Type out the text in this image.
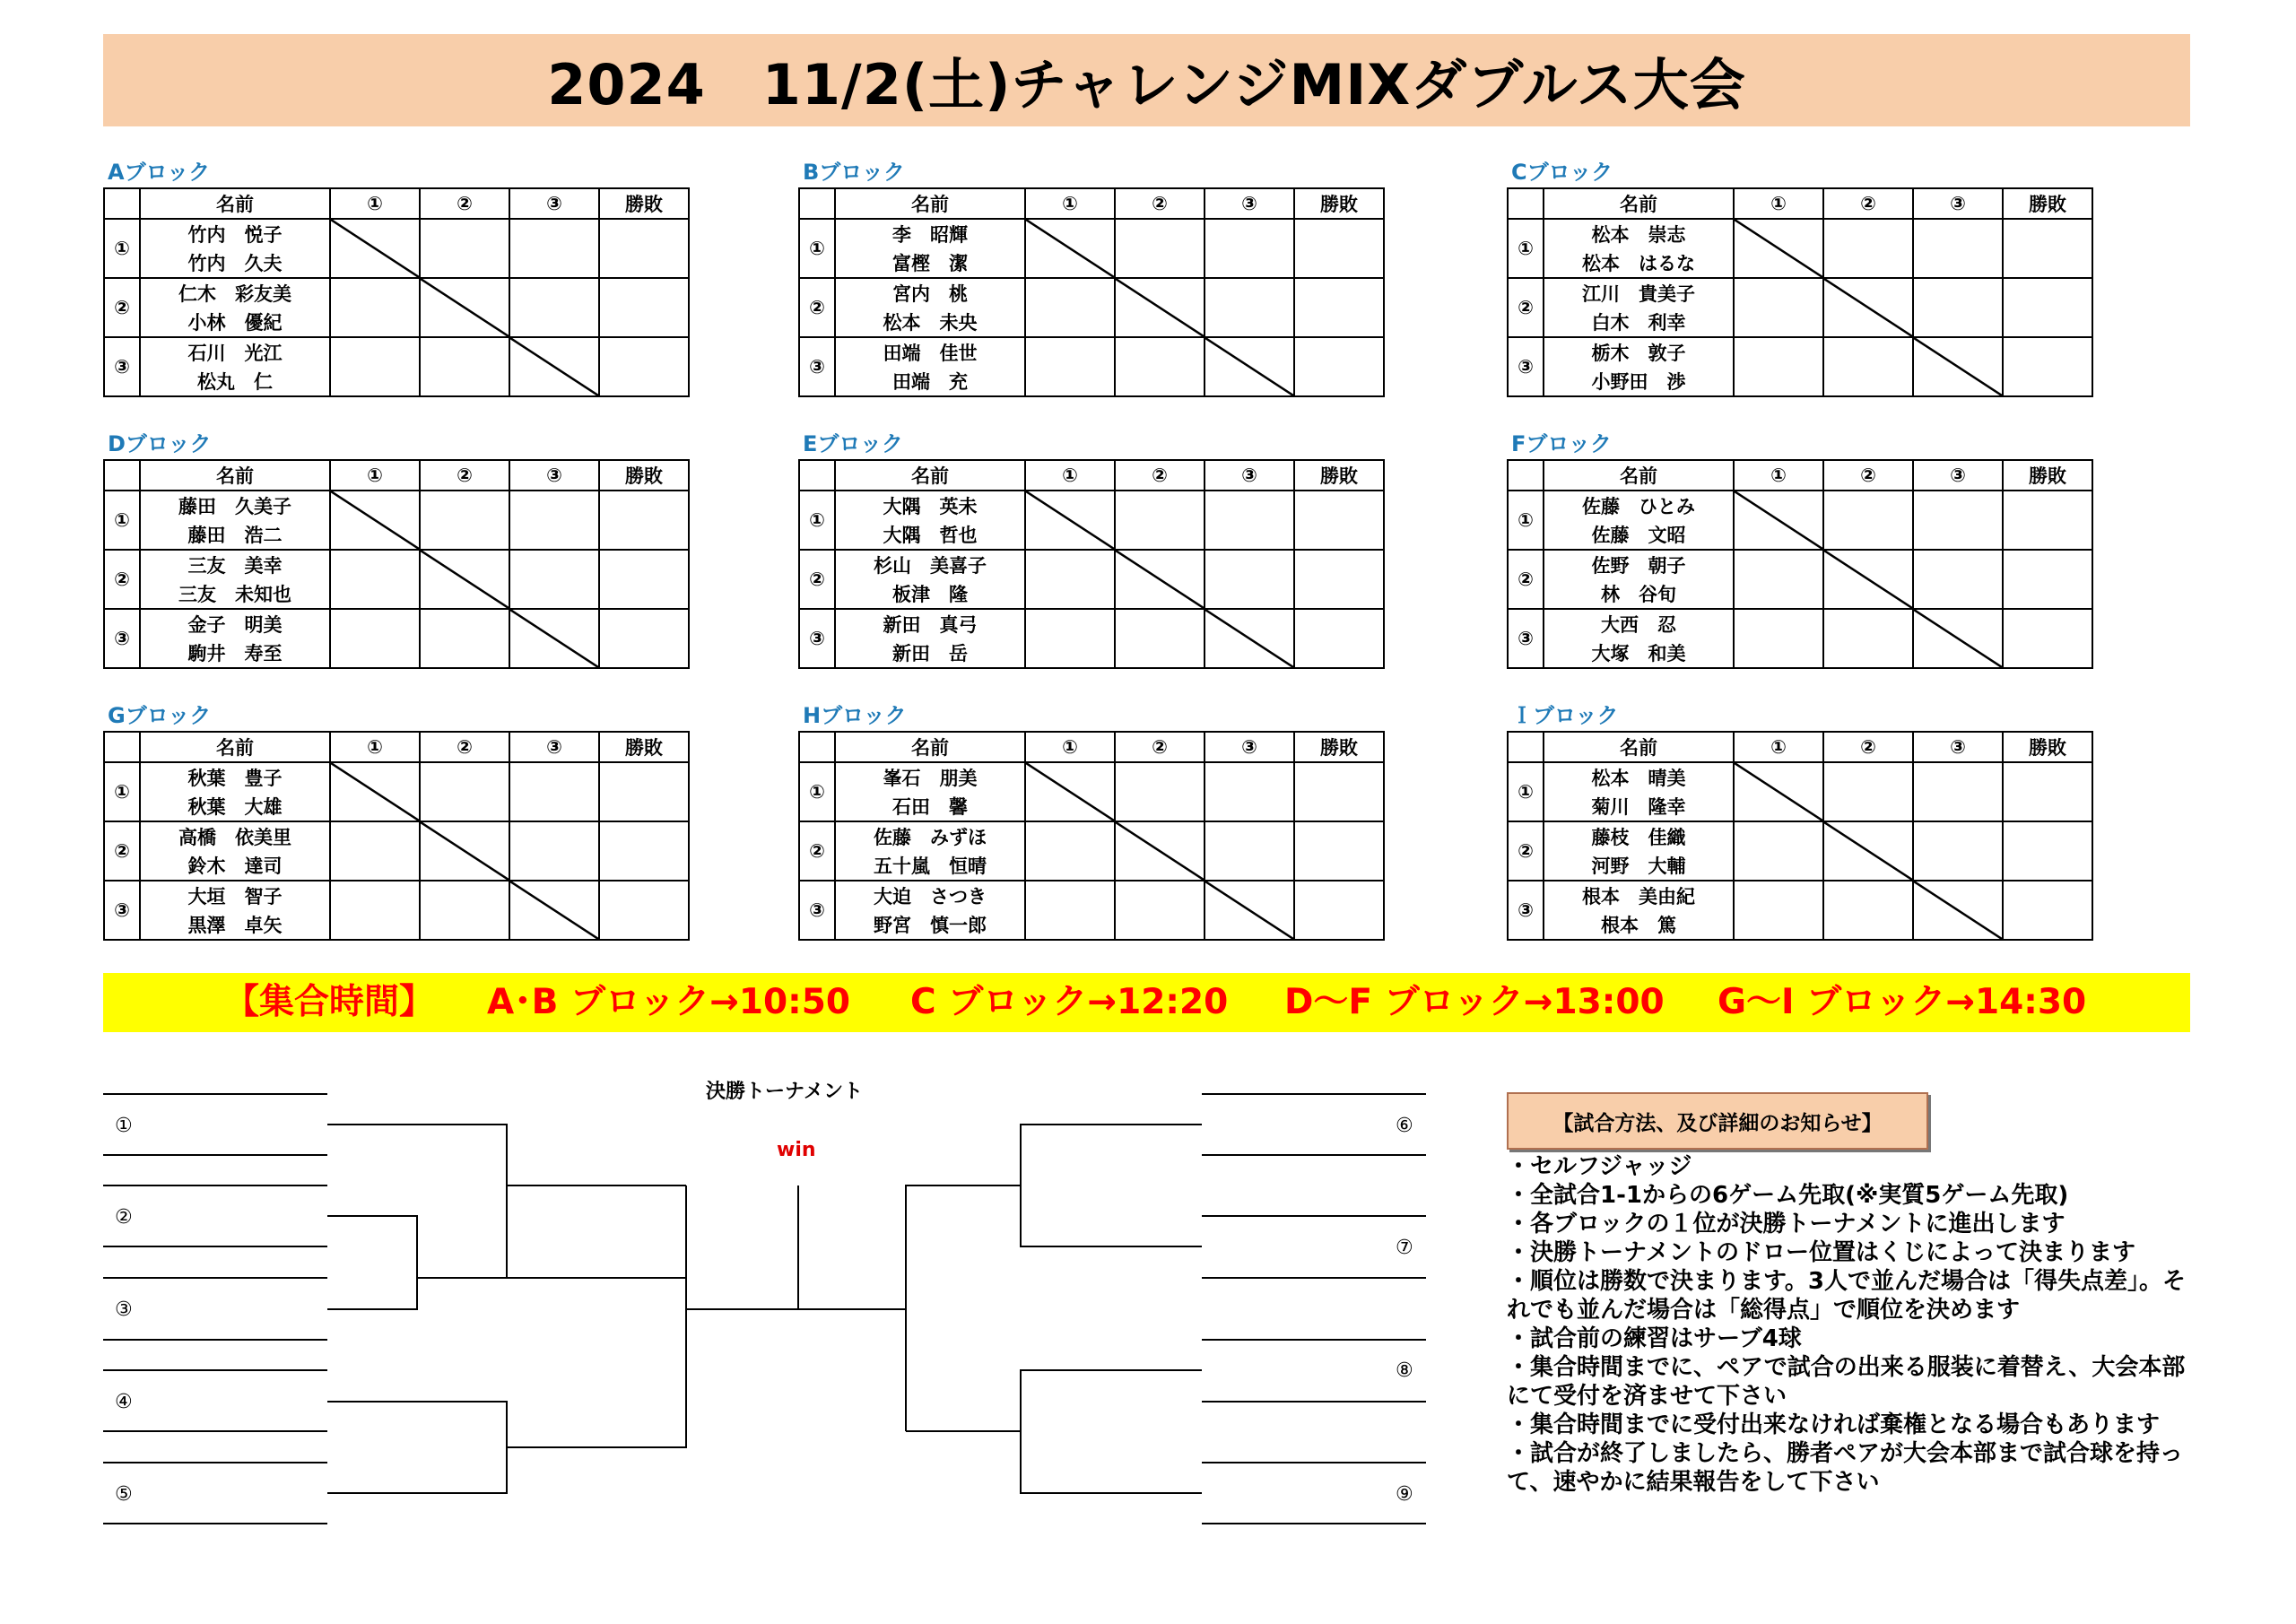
2024　11/2(土)チャレンジMIXダブルス大会
Aブロック
	名前	①	②	③	勝敗
①	竹内　悦子				
	竹内　久夫				
②	仁木　彩友美				
	小林　優紀				
③	石川　光江				
	松丸　仁				
Bブロック
	名前	①	②	③	勝敗
①	李　昭輝				
	富樫　潔				
②	宮内　桃				
	松本　未央				
③	田端　佳世				
	田端　充				
Cブロック
	名前	①	②	③	勝敗
①	松本　崇志				
	松本　はるな				
②	江川　貴美子				
	白木　利幸				
③	栃木　敦子				
	小野田　渉				
Dブロック
	名前	①	②	③	勝敗
①	藤田　久美子				
	藤田　浩二				
②	三友　美幸				
	三友　未知也				
③	金子　明美				
	駒井　寿至				
Eブロック
	名前	①	②	③	勝敗
①	大隅　英未				
	大隅　哲也				
②	杉山　美喜子				
	板津　隆				
③	新田　真弓				
	新田　岳				
Fブロック
	名前	①	②	③	勝敗
①	佐藤　ひとみ				
	佐藤　文昭				
②	佐野　朝子				
	林　谷旬				
③	大西　忍				
	大塚　和美				
Gブロック
	名前	①	②	③	勝敗
①	秋葉　豊子				
	秋葉　大雄				
②	高橋　依美里				
	鈴木　達司				
③	大垣　智子				
	黒澤　卓矢				
Hブロック
	名前	①	②	③	勝敗
①	峯石　朋美				
	石田　馨				
②	佐藤　みずほ				
	五十嵐　恒晴				
③	大迫　さつき				
	野宮　慎一郎				
Ｉブロック
	名前	①	②	③	勝敗
①	松本　晴美				
	菊川　隆幸				
②	藤枝　佳織				
	河野　大輔				
③	根本　美由紀				
	根本　篤				
【集合時間】 A･B ブロック→10:50 C ブロック→12:20 D～F ブロック→13:00 G～I ブロック→14:30
①
②
③
④
⑤
⑥
⑦
⑧
⑨
決勝トーナメント
win
【試合方法、及び詳細のお知らせ】
・セルフジャッジ
・全試合1-1からの6ゲーム先取(※実質5ゲーム先取)
・各ブロックの１位が決勝トーナメントに進出します
・決勝トーナメントのドロー位置はくじによって決まります
・順位は勝数で決まります。3人で並んだ場合は「得失点差」。それでも並んだ場合は「総得点」で順位を決めます
・試合前の練習はサーブ4球
・集合時間までに、ペアで試合の出来る服装に着替え、大会本部にて受付を済ませて下さい
・集合時間までに受付出来なければ棄権となる場合もあります
・試合が終了しましたら、勝者ペアが大会本部まで試合球を持って、速やかに結果報告をして下さい
